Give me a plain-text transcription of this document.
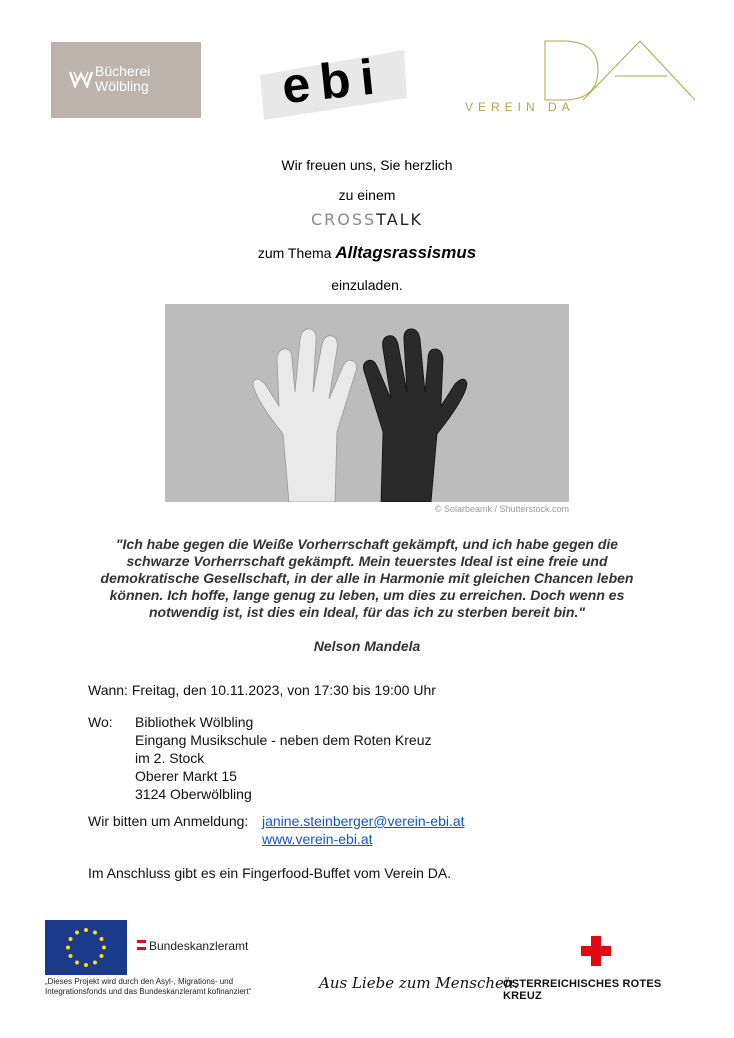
Bücherei
Wölbling	ebi	VEREIN DA
Wir freuen uns, Sie herzlich
zu einem
CROSSTALK
zum Thema Alltagsrassismus
einzuladen.
© Solarbeamk / Shutterstock.com
"Ich habe gegen die Weiße Vorherrschaft gekämpft, und ich habe gegen die schwarze Vorherrschaft gekämpft. Mein teuerstes Ideal ist eine freie und demokratische Gesellschaft, in der alle in Harmonie mit gleichen Chancen leben können. Ich hoffe, lange genug zu leben, um dies zu erreichen. Doch wenn es notwendig ist, ist dies ein Ideal, für das ich zu sterben bereit bin."
Nelson Mandela
Wann: Freitag, den 10.11.2023, von 17:30 bis 19:00 Uhr
Wo: Bibliothek Wölbling
Eingang Musikschule - neben dem Roten Kreuz
im 2. Stock
Oberer Markt 15
3124 Oberwölbling
Wir bitten um Anmeldung: janine.steinberger@verein-ebi.at
www.verein-ebi.at
Im Anschluss gibt es ein Fingerfood-Buffet vom Verein DA.
Bundeskanzleramt
„Dieses Projekt wird durch den Asyl-, Migrations- und
Integrationsfonds und das Bundeskanzleramt kofinanziert“	Aus Liebe zum Menschen.
ÖSTERREICHISCHES ROTES KREUZ
